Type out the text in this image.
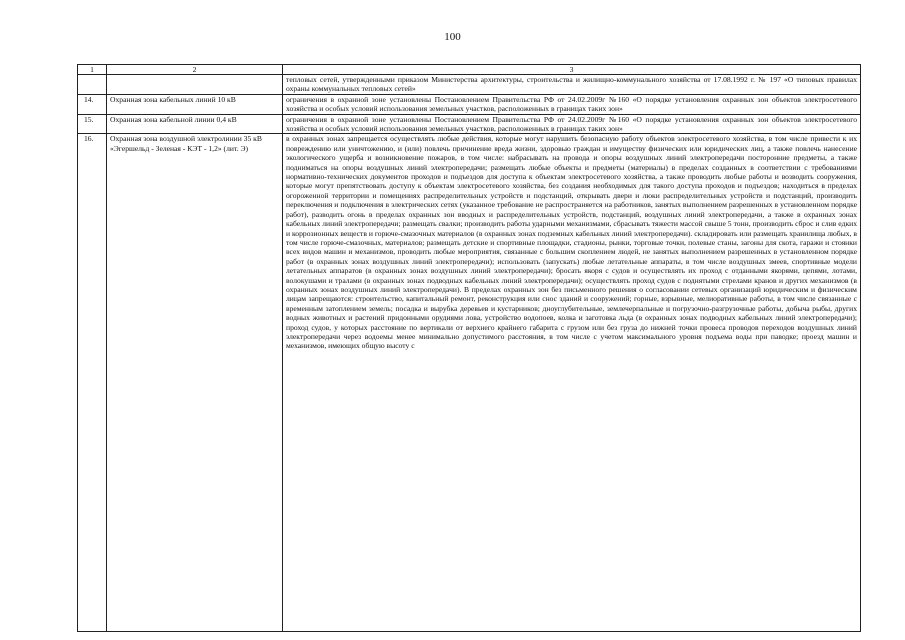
100
1	2	3
		тепловых сетей, утвержденными приказом Министерства архитектуры, строительства и жилищно-коммунального хозяйства от 17.08.1992 г. № 197 «О типовых правилах охраны коммунальных тепловых сетей»
14.	Охранная зона кабельных линий 10 кВ	ограничения в охранной зоне установлены Постановлением Правительства РФ от 24.02.2009г №160 «О порядке установления охранных зон объектов электросетевого хозяйства и особых условий использования земельных участков, расположенных в границах таких зон»
15.	Охранная зона кабельной линии 0,4 кВ	ограничения в охранной зоне установлены Постановлением Правительства РФ от 24.02.2009г №160 «О порядке установления охранных зон объектов электросетевого хозяйства и особых условий использования земельных участков, расположенных в границах таких зон»
16.	Охранная зона воздушной электролинии 35 кВ «Эгершельд - Зеленая - КЭТ - 1,2» (лит. Э)	в охранных зонах запрещается осуществлять любые действия, которые могут нарушить безопасную работу объектов электросетевого хозяйства, в том числе привести к их повреждению или уничтожению, и (или) повлечь причинение вреда жизни, здоровью граждан и имуществу физических или юридических лиц, а также повлечь нанесение экологического ущерба и возникновение пожаров, в том числе: набрасывать на провода и опоры воздушных линий электропередачи посторонние предметы, а также подниматься на опоры воздушных линий электропередачи; размещать любые объекты и предметы (материалы) в пределах созданных в соответствии с требованиями нормативно-технических документов проходов и подъездов для доступа к объектам электросетевого хозяйства, а также проводить любые работы и возводить сооружения, которые могут препятствовать доступу к объектам электросетевого хозяйства, без создания необходимых для такого доступа проходов и подъездов; находиться в пределах огороженной территории и помещениях распределительных устройств и подстанций, открывать двери и люки распределительных устройств и подстанций, производить переключения и подключения в электрических сетях (указанное требование не распространяется на работников, занятых выполнением разрешенных в установленном порядке работ), разводить огонь в пределах охранных зон вводных и распределительных устройств, подстанций, воздушных линий электропередачи, а также в охранных зонах кабельных линий электропередачи; размещать свалки; производить работы ударными механизмами, сбрасывать тяжести массой свыше 5 тонн, производить сброс и слив едких и коррозионных веществ и горюче-смазочных материалов (в охранных зонах подземных кабельных линий электропередачи). складировать или размещать хранилища любых, в том числе горюче-смазочных, материалов; размещать детские и спортивные площадки, стадионы, рынки, торговые точки, полевые станы, загоны для скота, гаражи и стоянки всех видов машин и механизмов, проводить любые мероприятия, связанные с большим скоплением людей, не занятых выполнением разрешенных в установленном порядке работ (в охранных зонах воздушных линий электропередачи); использовать (запускать) любые летательные аппараты, в том числе воздушных змеев, спортивные модели летательных аппаратов (в охранных зонах воздушных линий электропередачи); бросать якоря с судов и осуществлять их проход с отданными якорями, цепями, лотами, волокушами и тралами (в охранных зонах подводных кабельных линий электропередачи); осуществлять проход судов с поднятыми стрелами кранов и других механизмов (в охранных зонах воздушных линий электропередачи). В пределах охранных зон без письменного решения о согласовании сетевых организаций юридическим и физическим лицам запрещаются: строительство, капитальный ремонт, реконструкция или снос зданий и сооружений; горные, взрывные, мелиоративные работы, в том числе связанные с временным затоплением земель; посадка и вырубка деревьев и кустарников; дноуглубительные, землечерпальные и погрузочно-разгрузочные работы, добыча рыбы, других водных животных и растений придонными орудиями лова, устройство водопоев, колка и заготовка льда (в охранных зонах подводных кабельных линий электропередачи); проход судов, у которых расстояние по вертикали от верхнего крайнего габарита с грузом или без груза до нижней точки провеса проводов переходов воздушных линий электропередачи через водоемы менее минимально допустимого расстояния, в том числе с учетом максимального уровня подъема воды при паводке; проезд машин и механизмов, имеющих общую высоту с
